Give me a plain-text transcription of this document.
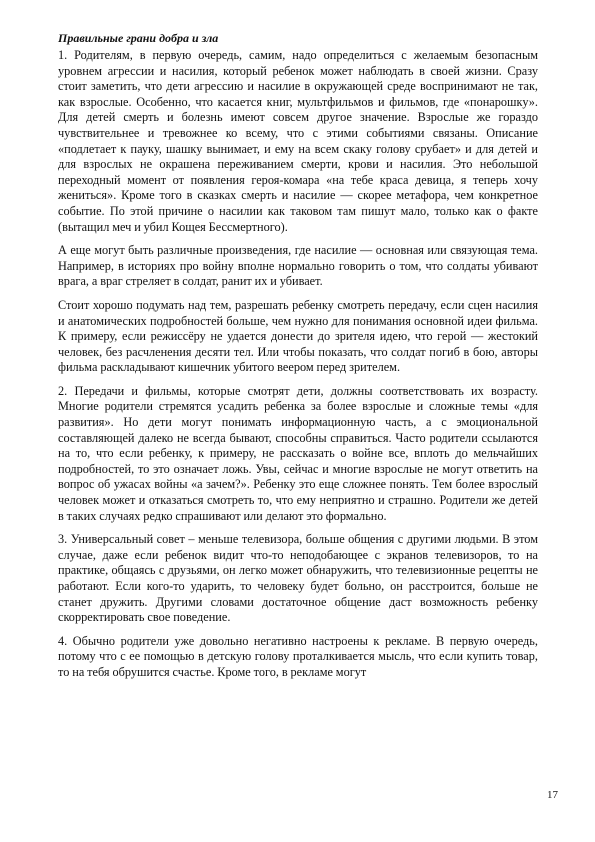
Правильные грани добра и зла

1. Родителям, в первую очередь, самим, надо определиться с желаемым безопасным уровнем агрессии и насилия, который ребенок может наблюдать в своей жизни. Сразу стоит заметить, что дети агрессию и насилие в окружающей среде воспринимают не так, как взрослые. Особенно, что касается книг, мультфильмов и фильмов, где «понарошку». Для детей смерть и болезнь имеют совсем другое значение. Взрослые же гораздо чувствительнее и тревожнее ко всему, что с этими событиями связаны. Описание «подлетает к пауку, шашку вынимает, и ему на всем скаку голову срубает» и для детей и для взрослых не окрашена переживанием смерти, крови и насилия. Это небольшой переходный момент от появления героя-комара «на тебе краса девица, я теперь хочу жениться». Кроме того в сказках смерть и насилие — скорее метафора, чем конкретное событие. По этой причине о насилии как таковом там пишут мало, только как о факте (вытащил меч и убил Кощея Бессмертного).

А еще могут быть различные произведения, где насилие — основная или связующая тема. Например, в историях про войну вполне нормально говорить о том, что солдаты убивают врага, а враг стреляет в солдат, ранит их и убивает.

Стоит хорошо подумать над тем, разрешать ребенку смотреть передачу, если сцен насилия и анатомических подробностей больше, чем нужно для понимания основной идеи фильма. К примеру, если режиссёру не удается донести до зрителя идею, что герой — жестокий человек, без расчленения десяти тел. Или чтобы показать, что солдат погиб в бою, авторы фильма раскладывают кишечник убитого веером перед зрителем.

2. Передачи и фильмы, которые смотрят дети, должны соответствовать их возрасту. Многие родители стремятся усадить ребенка за более взрослые и сложные темы «для развития». Но дети могут понимать информационную часть, а с эмоциональной составляющей далеко не всегда бывают, способны справиться. Часто родители ссылаются на то, что если ребенку, к примеру, не рассказать о войне все, вплоть до мельчайших подробностей, то это означает ложь. Увы, сейчас и многие взрослые не могут ответить на вопрос об ужасах войны «а зачем?». Ребенку это еще сложнее понять. Тем более взрослый человек может и отказаться смотреть то, что ему неприятно и страшно. Родители же детей в таких случаях редко спрашивают или делают это формально.

3. Универсальный совет – меньше телевизора, больше общения с другими людьми. В этом случае, даже если ребенок видит что-то неподобающее с экранов телевизоров, то на практике, общаясь с друзьями, он легко может обнаружить, что телевизионные рецепты не работают. Если кого-то ударить, то человеку будет больно, он расстроится, больше не станет дружить. Другими словами достаточное общение даст возможность ребенку скорректировать свое поведение.

4. Обычно родители уже довольно негативно настроены к рекламе. В первую очередь, потому что с ее помощью в детскую голову проталкивается мысль, что если купить товар, то на тебя обрушится счастье. Кроме того, в рекламе могут

17
